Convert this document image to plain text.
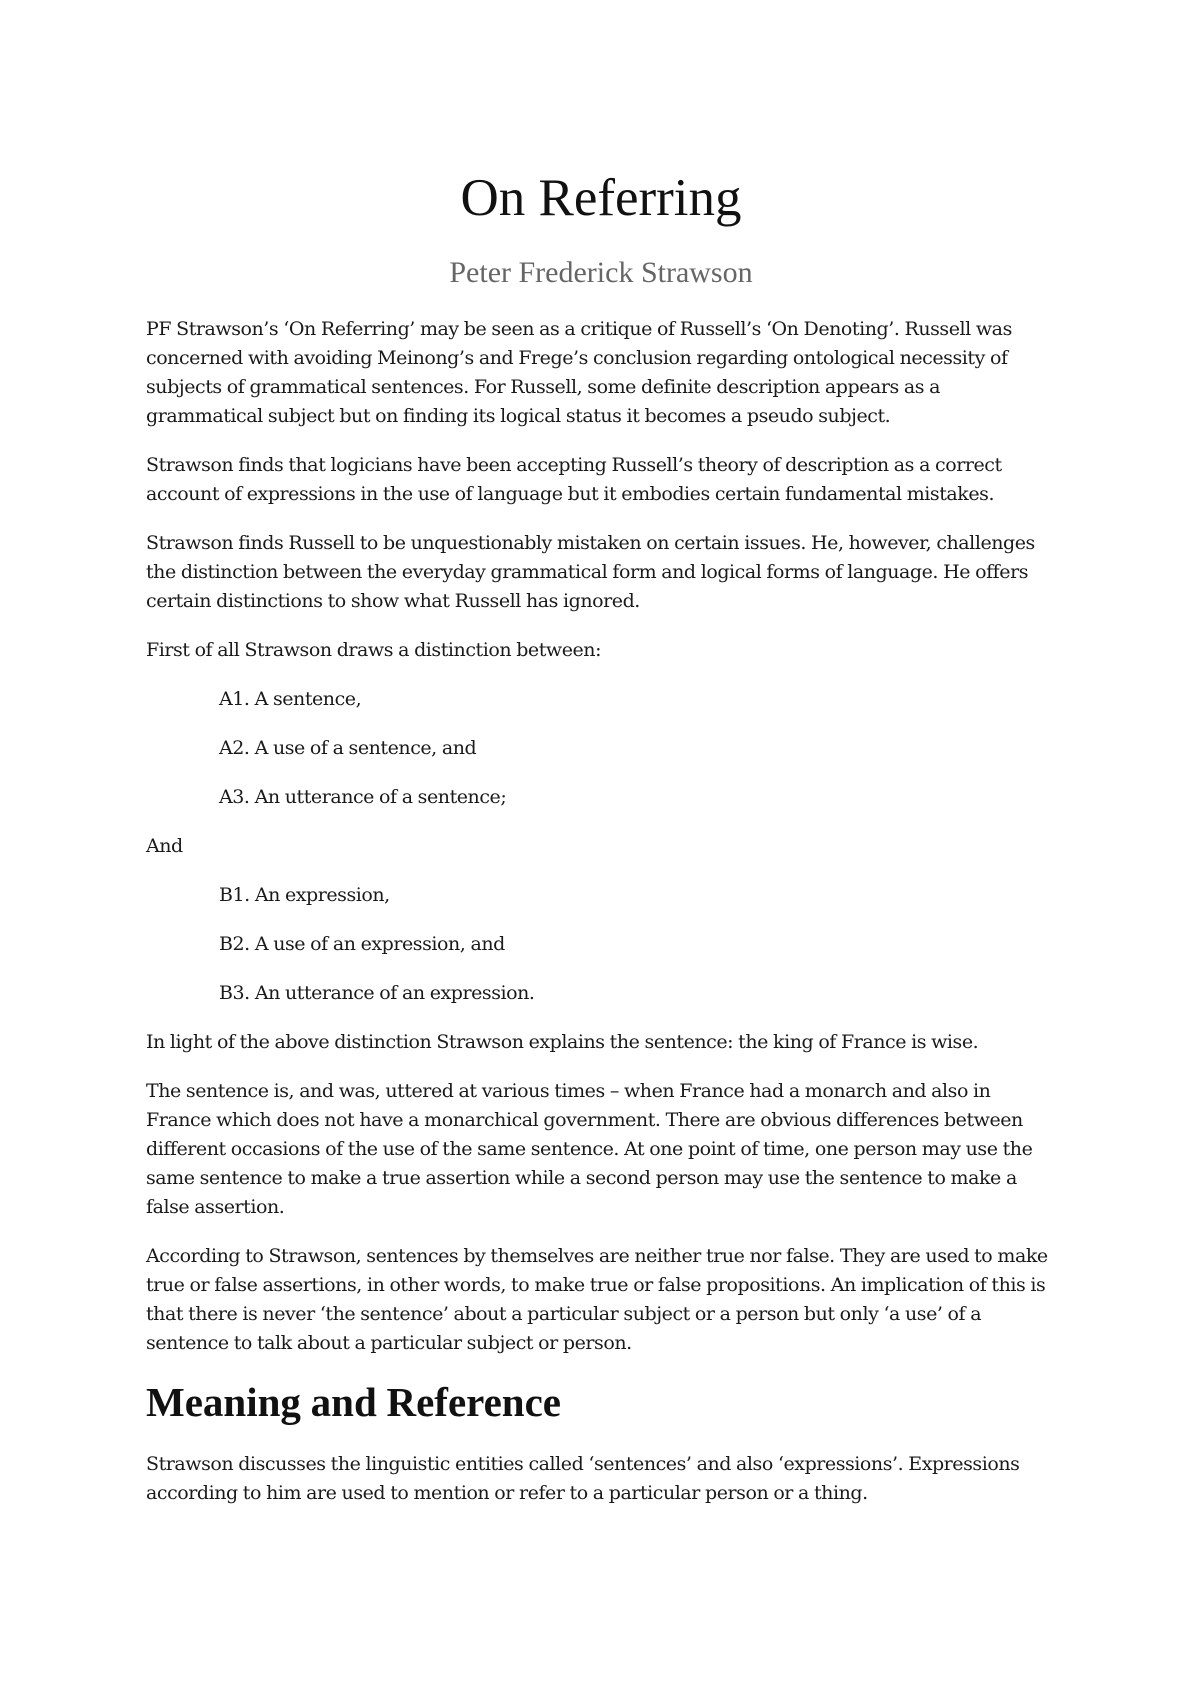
On Referring
Peter Frederick Strawson

PF Strawson’s ‘On Referring’ may be seen as a critique of Russell’s ‘On Denoting’. Russell was concerned with avoiding Meinong’s and Frege’s conclusion regarding ontological necessity of subjects of grammatical sentences. For Russell, some definite description appears as a grammatical subject but on finding its logical status it becomes a pseudo subject.

Strawson finds that logicians have been accepting Russell’s theory of description as a correct account of expressions in the use of language but it embodies certain fundamental mistakes.

Strawson finds Russell to be unquestionably mistaken on certain issues. He, however, challenges the distinction between the everyday grammatical form and logical forms of language. He offers certain distinctions to show what Russell has ignored.

First of all Strawson draws a distinction between:

A1. A sentence,

A2. A use of a sentence, and

A3. An utterance of a sentence;

And

B1. An expression,

B2. A use of an expression, and

B3. An utterance of an expression.

In light of the above distinction Strawson explains the sentence: the king of France is wise.

The sentence is, and was, uttered at various times – when France had a monarch and also in France which does not have a monarchical government. There are obvious differences between different occasions of the use of the same sentence. At one point of time, one person may use the same sentence to make a true assertion while a second person may use the sentence to make a false assertion.

According to Strawson, sentences by themselves are neither true nor false. They are used to make true or false assertions, in other words, to make true or false propositions. An implication of this is that there is never ‘the sentence’ about a particular subject or a person but only ‘a use’ of a sentence to talk about a particular subject or person.

Meaning and Reference

Strawson discusses the linguistic entities called ‘sentences’ and also ‘expressions’. Expressions according to him are used to mention or refer to a particular person or a thing.
